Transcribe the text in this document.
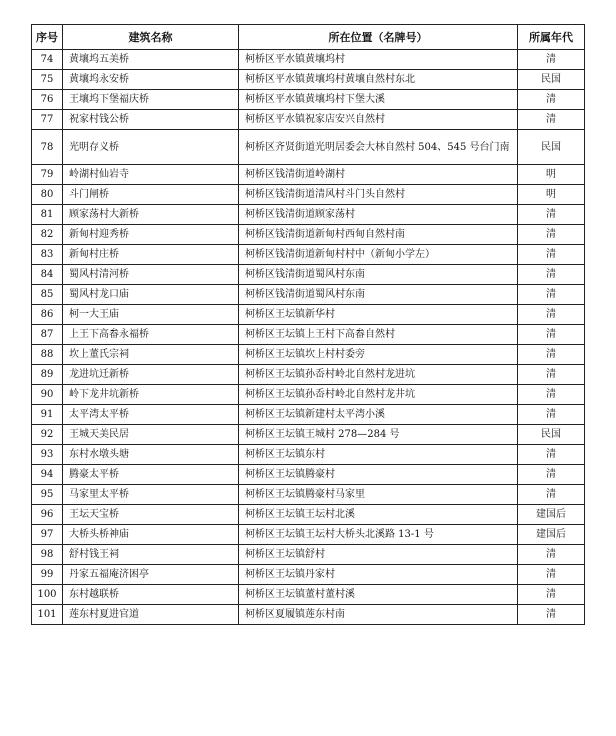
序号	建筑名称	所在位置（名牌号）	所属年代
74	黄壤坞五美桥	柯桥区平水镇黄壤坞村	清
75	黄壤坞永安桥	柯桥区平水镇黄壤坞村黄壤自然村东北	民国
76	王壤坞下堡福庆桥	柯桥区平水镇黄壤坞村下堡大溪	清
77	祝家村钱公桥	柯桥区平水镇祝家店安兴自然村	清
78	光明存义桥	柯桥区齐贤街道光明居委会大林自然村 504、545 号台门南	民国
79	岭湖村仙岩寺	柯桥区钱清街道岭湖村	明
80	斗门闸桥	柯桥区钱清街道清风村斗门头自然村	明
81	顾家荡村大新桥	柯桥区钱清街道顾家荡村	清
82	新甸村迎秀桥	柯桥区钱清街道新甸村西甸自然村南	清
83	新甸村庄桥	柯桥区钱清街道新甸村村中（新甸小学左）	清
84	蜀风村清河桥	柯桥区钱清街道蜀风村东南	清
85	蜀风村龙口庙	柯桥区钱清街道蜀风村东南	清
86	柯一大王庙	柯桥区王坛镇新华村	清
87	上王下高畚永福桥	柯桥区王坛镇上王村下高畚自然村	清
88	坎上董氏宗祠	柯桥区王坛镇坎上村村委旁	清
89	龙进坑迁新桥	柯桥区王坛镇孙岙村岭北自然村龙进坑	清
90	岭下龙井坑新桥	柯桥区王坛镇孙岙村岭北自然村龙井坑	清
91	太平湾太平桥	柯桥区王坛镇新建村太平湾小溪	清
92	王城天美民居	柯桥区王坛镇王城村 278—284 号	民国
93	东村水墩头塘	柯桥区王坛镇东村	清
94	腾豪太平桥	柯桥区王坛镇腾豪村	清
95	马家里太平桥	柯桥区王坛镇腾豪村马家里	清
96	王坛天宝桥	柯桥区王坛镇王坛村北溪	建国后
97	大桥头桥神庙	柯桥区王坛镇王坛村大桥头北溪路 13-1 号	建国后
98	舒村钱王祠	柯桥区王坛镇舒村	清
99	丹家五福庵济困亭	柯桥区王坛镇丹家村	清
100	东村越联桥	柯桥区王坛镇董村董村溪	清
101	莲东村夏进官道	柯桥区夏履镇莲东村南	清
